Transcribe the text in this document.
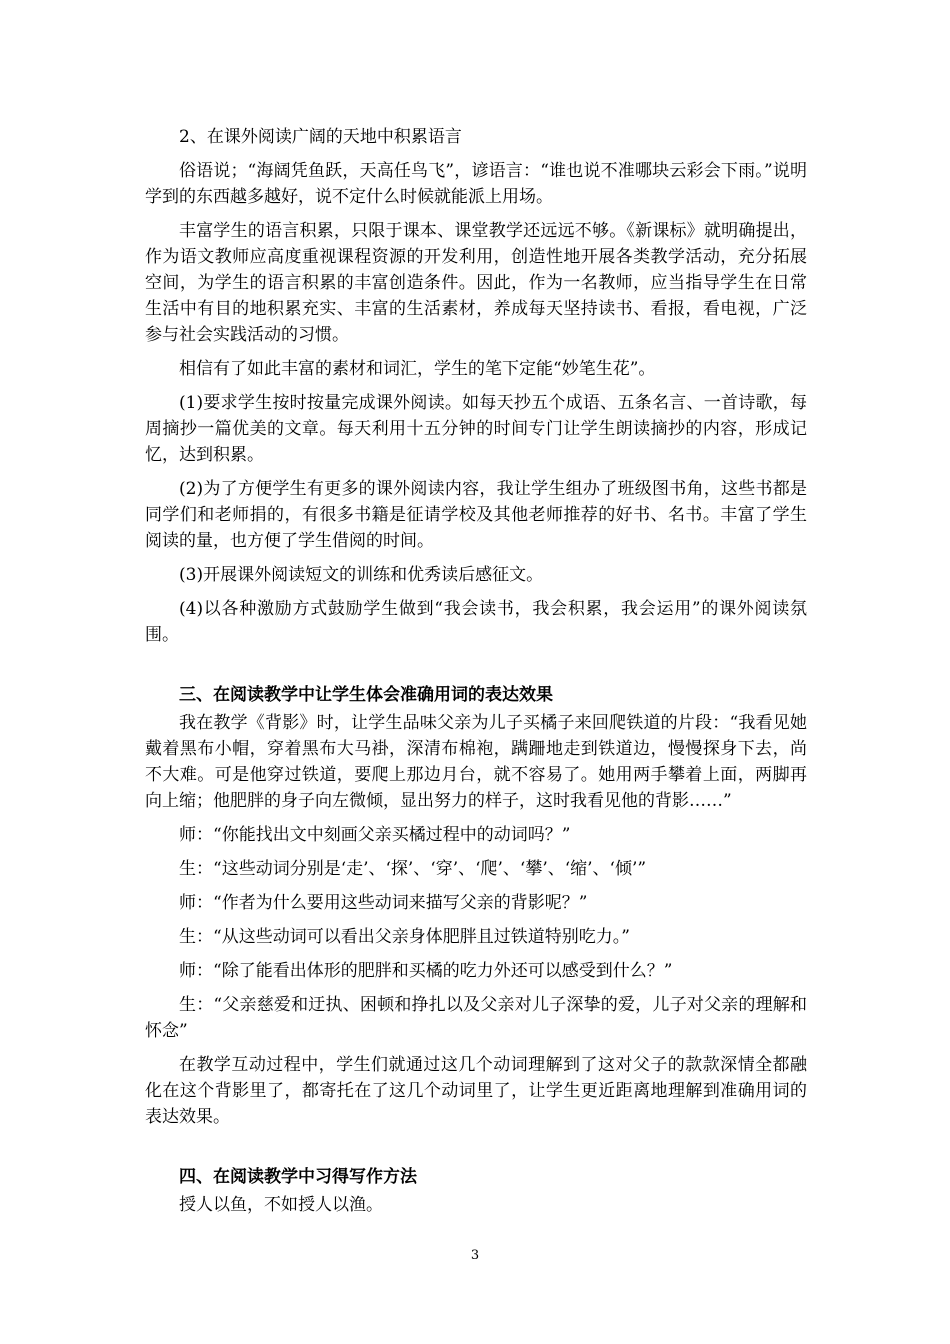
2、在课外阅读广阔的天地中积累语言
俗语说；“海阔凭鱼跃，天高任鸟飞”，谚语言：“谁也说不准哪块云彩会下雨。”说明学到的东西越多越好，说不定什么时候就能派上用场。
丰富学生的语言积累，只限于课本、课堂教学还远远不够。《新课标》就明确提出，作为语文教师应高度重视课程资源的开发利用，创造性地开展各类教学活动，充分拓展空间，为学生的语言积累的丰富创造条件。因此，作为一名教师，应当指导学生在日常生活中有目的地积累充实、丰富的生活素材，养成每天坚持读书、看报，看电视，广泛参与社会实践活动的习惯。
相信有了如此丰富的素材和词汇，学生的笔下定能“妙笔生花”。
(1)要求学生按时按量完成课外阅读。如每天抄五个成语、五条名言、一首诗歌，每周摘抄一篇优美的文章。每天利用十五分钟的时间专门让学生朗读摘抄的内容，形成记忆，达到积累。
(2)为了方便学生有更多的课外阅读内容，我让学生组办了班级图书角，这些书都是同学们和老师捐的，有很多书籍是征请学校及其他老师推荐的好书、名书。丰富了学生阅读的量，也方便了学生借阅的时间。
(3)开展课外阅读短文的训练和优秀读后感征文。
(4)以各种激励方式鼓励学生做到“我会读书，我会积累，我会运用”的课外阅读氛围。
三、在阅读教学中让学生体会准确用词的表达效果
我在教学《背影》时，让学生品味父亲为儿子买橘子来回爬铁道的片段：“我看见她戴着黑布小帽，穿着黑布大马褂，深清布棉袍，蹒跚地走到铁道边，慢慢探身下去，尚不大难。可是他穿过铁道，要爬上那边月台，就不容易了。她用两手攀着上面，两脚再向上缩；他肥胖的身子向左微倾，显出努力的样子，这时我看见他的背影……”
师：“你能找出文中刻画父亲买橘过程中的动词吗？”
生：“这些动词分别是‘走’、‘探’、‘穿’、‘爬’、‘攀’、‘缩’、‘倾’”
师：“作者为什么要用这些动词来描写父亲的背影呢？”
生：“从这些动词可以看出父亲身体肥胖且过铁道特别吃力。”
师：“除了能看出体形的肥胖和买橘的吃力外还可以感受到什么？”
生：“父亲慈爱和迂执、困顿和挣扎以及父亲对儿子深挚的爱，儿子对父亲的理解和怀念”
在教学互动过程中，学生们就通过这几个动词理解到了这对父子的款款深情全都融化在这个背影里了，都寄托在了这几个动词里了，让学生更近距离地理解到准确用词的表达效果。
四、在阅读教学中习得写作方法
授人以鱼，不如授人以渔。
3
